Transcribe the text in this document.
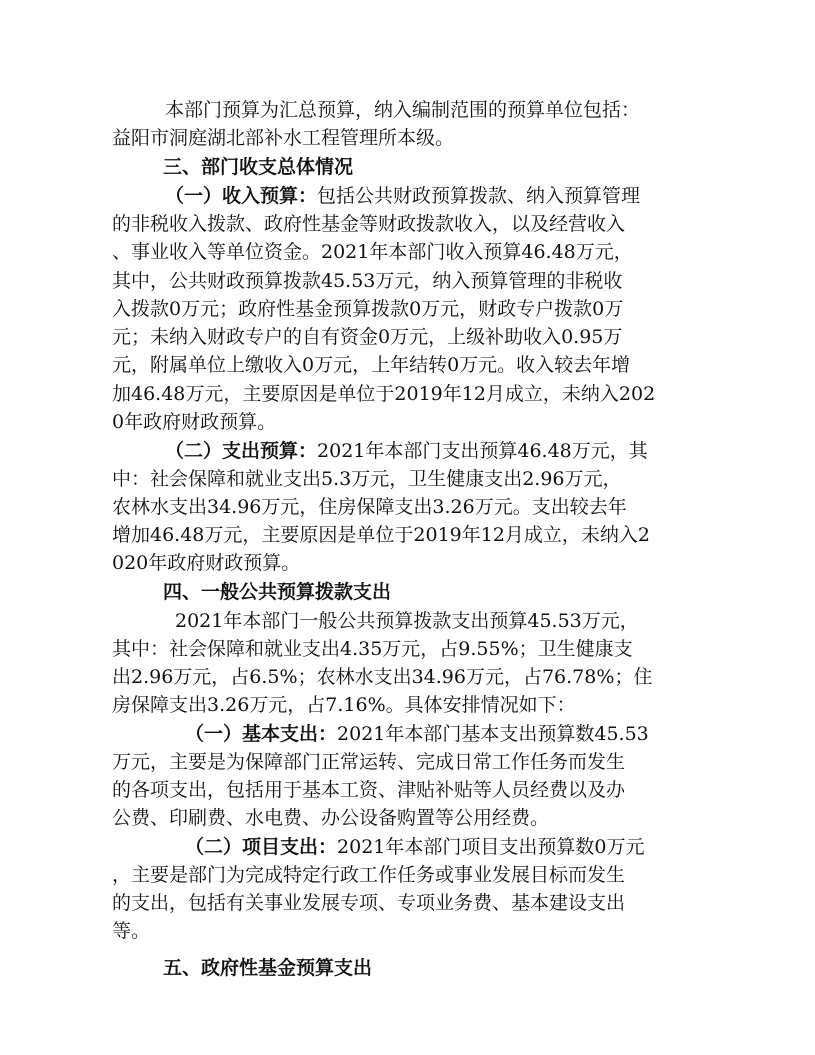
本部门预算为汇总预算，纳入编制范围的预算单位包括：
益阳市洞庭湖北部补水工程管理所本级。
三、部门收支总体情况
（一）收入预算：包括公共财政预算拨款、纳入预算管理
的非税收入拨款、政府性基金等财政拨款收入，以及经营收入
、事业收入等单位资金。2021年本部门收入预算46.48万元，
其中，公共财政预算拨款45.53万元，纳入预算管理的非税收
入拨款0万元；政府性基金预算拨款0万元，财政专户拨款0万
元；未纳入财政专户的自有资金0万元，上级补助收入0.95万
元，附属单位上缴收入0万元，上年结转0万元。收入较去年增
加46.48万元，主要原因是单位于2019年12月成立，未纳入202
0年政府财政预算。
（二）支出预算：2021年本部门支出预算46.48万元，其
中：社会保障和就业支出5.3万元，卫生健康支出2.96万元，
农林水支出34.96万元，住房保障支出3.26万元。支出较去年
增加46.48万元，主要原因是单位于2019年12月成立，未纳入2
020年政府财政预算。
四、一般公共预算拨款支出
2021年本部门一般公共预算拨款支出预算45.53万元，
其中：社会保障和就业支出4.35万元，占9.55%；卫生健康支
出2.96万元，占6.5%；农林水支出34.96万元，占76.78%；住
房保障支出3.26万元，占7.16%。具体安排情况如下：
（一）基本支出：2021年本部门基本支出预算数45.53
万元，主要是为保障部门正常运转、完成日常工作任务而发生
的各项支出，包括用于基本工资、津贴补贴等人员经费以及办
公费、印刷费、水电费、办公设备购置等公用经费。
（二）项目支出：2021年本部门项目支出预算数0万元
，主要是部门为完成特定行政工作任务或事业发展目标而发生
的支出，包括有关事业发展专项、专项业务费、基本建设支出
等。
五、政府性基金预算支出
